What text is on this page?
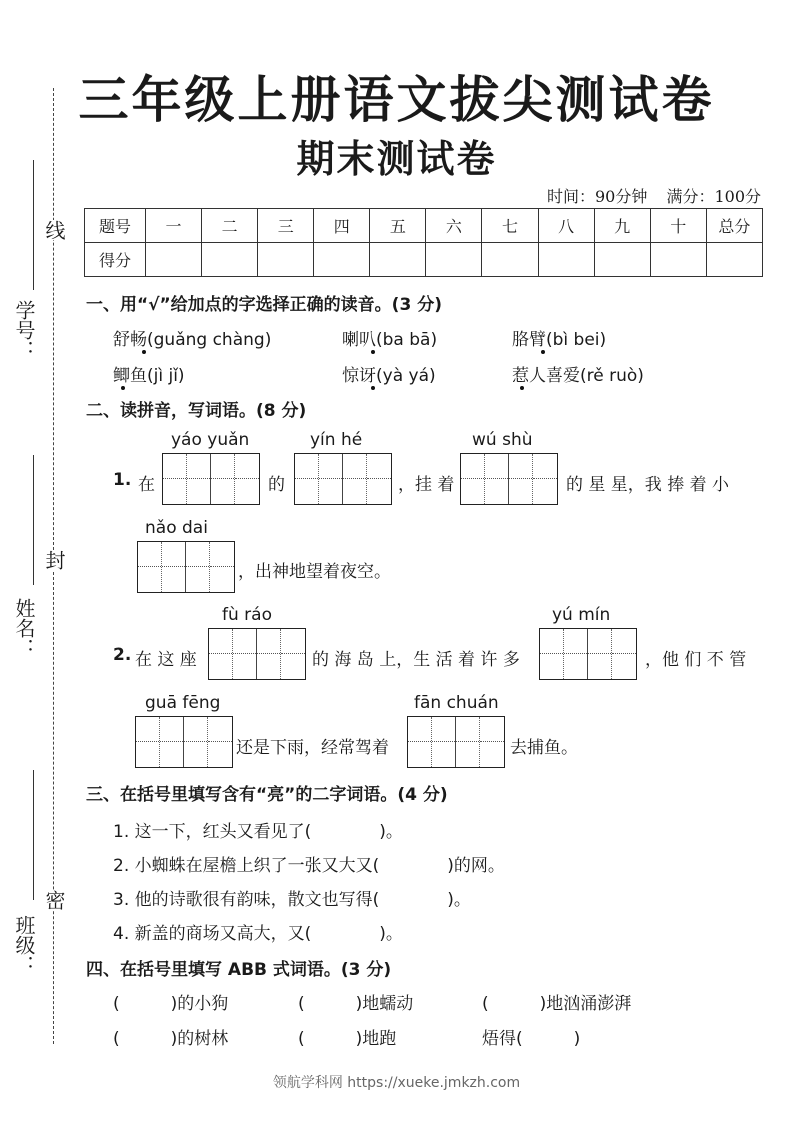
三年级上册语文拔尖测试卷
期末测试卷
时间：90分钟 满分：100分
线
封
密
学号：
姓名：
班级：
题号	一	二	三	四	五	六	七	八	九	十	总分
得分											
一、用“√”给加点的字选择正确的读音。(3 分)
舒畅(guǎng chàng)	喇叭(ba bā)	胳臂(bì bei)
鲫鱼(jì jǐ)	惊讶(yà yá)	惹人喜爱(rě ruò)
二、读拼音，写词语。(8 分)
yáo yuǎn	yín hé	wú shù
1. 在	的	，挂 着	的 星 星，我 捧 着 小
nǎo dai
，出神地望着夜空。
fù ráo	yú mín
2. 在 这 座	的 海 岛 上，生 活 着 许 多	，他 们 不 管
guā fēng	fān chuán
还是下雨，经常驾着	去捕鱼。
三、在括号里填写含有“亮”的二字词语。(4 分)
1. 这一下，红头又看见了(　　　　)。
2. 小蜘蛛在屋檐上织了一张又大又(　　　　)的网。
3. 他的诗歌很有韵味，散文也写得(　　　　)。
4. 新盖的商场又高大，又(　　　　)。
四、在括号里填写 ABB 式词语。(3 分)
(　　　)的小狗	(　　　)地蠕动	(　　　)地汹涌澎湃
(　　　)的树林	(　　　)地跑	焐得(　　　)
领航学科网 https://xueke.jmkzh.com
